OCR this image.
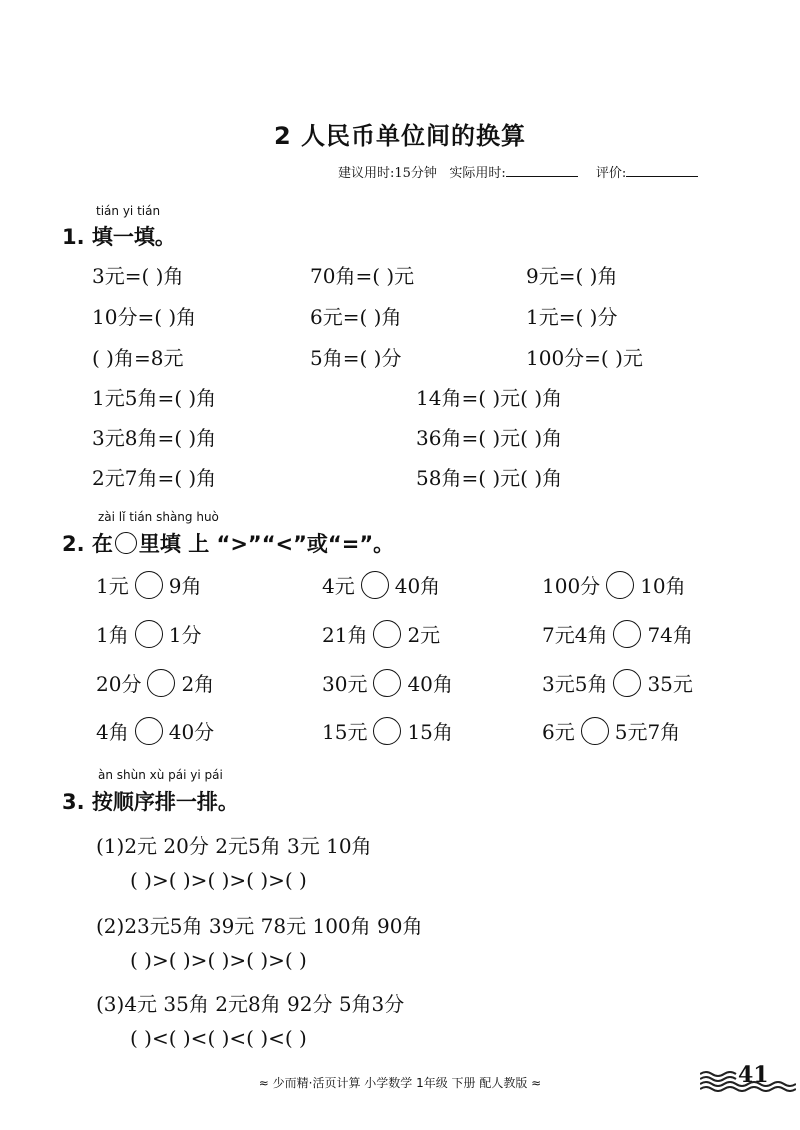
2 人民币单位间的换算
建议用时:15分钟 实际用时:	评价:
tián yi tián
1. 填一填。
3元=( )角	70角=( )元	9元=( )角
10分=( )角	6元=( )角	1元=( )分
( )角=8元	5角=( )分	100分=( )元
1元5角=( )角	14角=( )元( )角
3元8角=( )角	36角=( )元( )角
2元7角=( )角	58角=( )元( )角
zài lǐ tián shàng huò
2. 在 里填 上 “>”“<”或“=”。
1元 9角	4元 40角	100分 10角
1角 1分	21角 2元	7元4角 74角
20分 2角	30元 40角	3元5角 35元
4角 40分	15元 15角	6元 5元7角
àn shùn xù pái yi pái
3. 按顺序排一排。
(1)2元 20分 2元5角 3元 10角
( )>( )>( )>( )>( )
(2)23元5角 39元 78元 100角 90角
( )>( )>( )>( )>( )
(3)4元 35角 2元8角 92分 5角3分
( )<( )<( )<( )<( )
≈ 少而精·活页计算 小学数学 1年级 下册 配人教版 ≈	41
